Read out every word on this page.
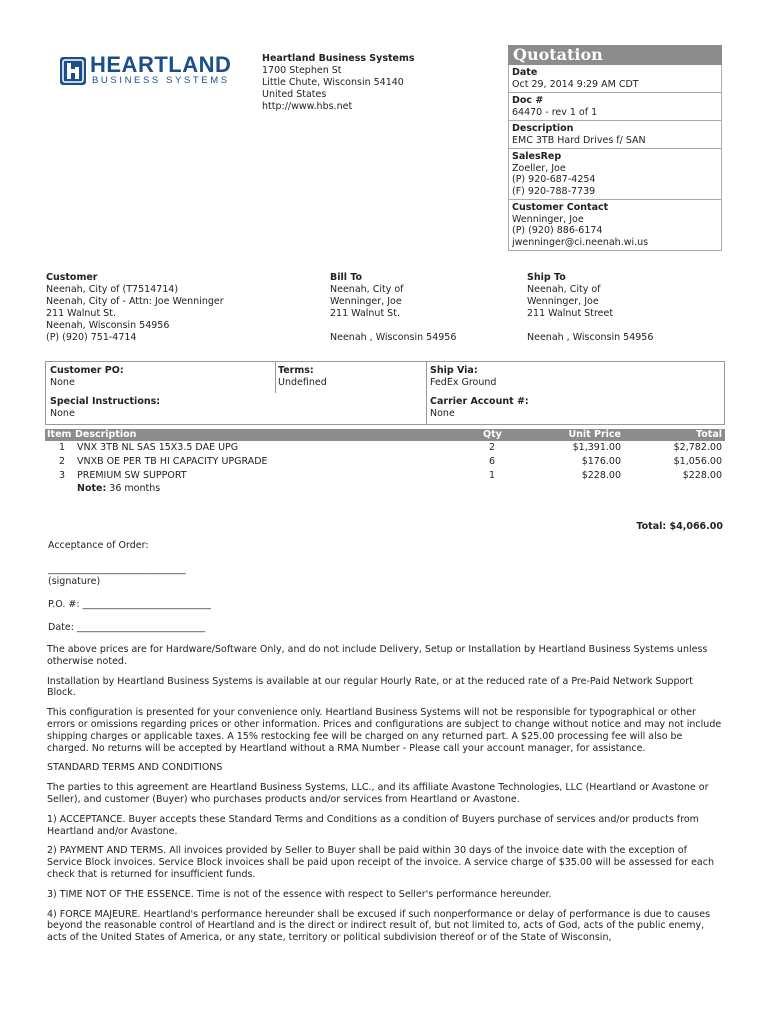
HEARTLAND
BUSINESS SYSTEMS
Heartland Business Systems
1700 Stephen St
Little Chute, Wisconsin 54140
United States
http://www.hbs.net
Quotation
Date
Oct 29, 2014 9:29 AM CDT
Doc #
64470 - rev 1 of 1
Description
EMC 3TB Hard Drives f/ SAN
SalesRep
Zoeller, Joe
(P) 920-687-4254
(F) 920-788-7739
Customer Contact
Wenninger, Joe
(P) (920) 886-6174
jwenninger@ci.neenah.wi.us
Customer
Neenah, City of (T7514714)
Neenah, City of - Attn: Joe Wenninger
211 Walnut St.
Neenah, Wisconsin 54956
(P) (920) 751-4714
Bill To
Neenah, City of
Wenninger, Joe
211 Walnut St.
Neenah , Wisconsin 54956
Ship To
Neenah, City of
Wenninger, Joe
211 Walnut Street
Neenah , Wisconsin 54956
Customer PO:
None
Terms:
Undefined
Ship Via:
FedEx Ground
Special Instructions:
None
Carrier Account #:
None
Item Description	Qty	Unit Price	Total
1 VNX 3TB NL SAS 15X3.5 DAE UPG	2	$1,391.00	$2,782.00
2 VNXB OE PER TB HI CAPACITY UPGRADE	6	$176.00	$1,056.00
3 PREMIUM SW SUPPORT	1	$228.00	$228.00
Note: 36 months
Total: $4,066.00
Acceptance of Order:
_____________________________
(signature)
P.O. #: ___________________________
Date: ___________________________

The above prices are for Hardware/Software Only, and do not include Delivery, Setup or Installation by Heartland Business Systems unless otherwise noted.

Installation by Heartland Business Systems is available at our regular Hourly Rate, or at the reduced rate of a Pre-Paid Network Support Block.

This configuration is presented for your convenience only. Heartland Business Systems will not be responsible for typographical or other errors or omissions regarding prices or other information. Prices and configurations are subject to change without notice and may not include shipping charges or applicable taxes. A 15% restocking fee will be charged on any returned part. A $25.00 processing fee will also be charged. No returns will be accepted by Heartland without a RMA Number - Please call your account manager, for assistance.

STANDARD TERMS AND CONDITIONS

The parties to this agreement are Heartland Business Systems, LLC., and its affiliate Avastone Technologies, LLC (Heartland or Avastone or Seller), and customer (Buyer) who purchases products and/or services from Heartland or Avastone.

1) ACCEPTANCE. Buyer accepts these Standard Terms and Conditions as a condition of Buyers purchase of services and/or products from Heartland and/or Avastone.

2) PAYMENT AND TERMS. All invoices provided by Seller to Buyer shall be paid within 30 days of the invoice date with the exception of Service Block invoices. Service Block invoices shall be paid upon receipt of the invoice. A service charge of $35.00 will be assessed for each check that is returned for insufficient funds.

3) TIME NOT OF THE ESSENCE. Time is not of the essence with respect to Seller's performance hereunder.

4) FORCE MAJEURE. Heartland's performance hereunder shall be excused if such nonperformance or delay of performance is due to causes beyond the reasonable control of Heartland and is the direct or indirect result of, but not limited to, acts of God, acts of the public enemy, acts of the United States of America, or any state, territory or political subdivision thereof or of the State of Wisconsin,
